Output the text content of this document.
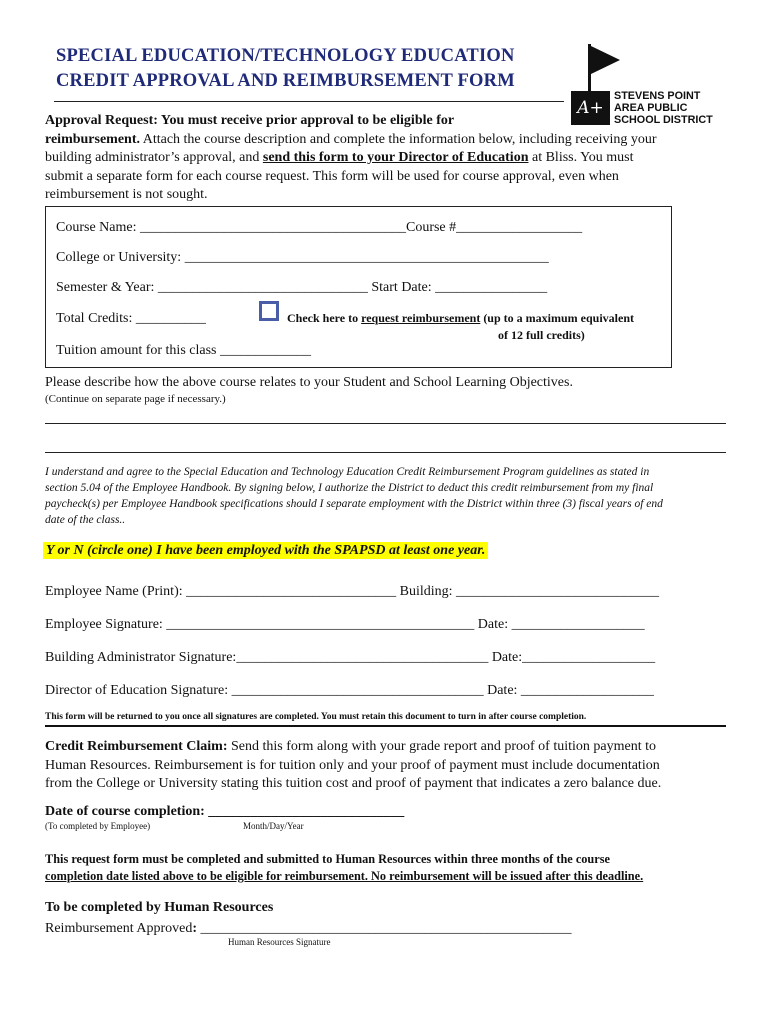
SPECIAL EDUCATION/TECHNOLOGY EDUCATION
CREDIT APPROVAL AND REIMBURSEMENT FORM
A+
STEVENS POINT
AREA PUBLIC
SCHOOL DISTRICT
Approval Request: You must receive prior approval to be eligible for
reimbursement. Attach the course description and complete the information below, including receiving your
building administrator’s approval, and send this form to your Director of Education at Bliss. You must
submit a separate form for each course request. This form will be used for course approval, even when
reimbursement is not sought.
Course Name: ______________________________________Course #__________________
College or University: ____________________________________________________
Semester & Year: ______________________________ Start Date: ________________
Total Credits: __________	Check here to request reimbursement (up to a maximum equivalent
of 12 full credits)
Tuition amount for this class _____________
Please describe how the above course relates to your Student and School Learning Objectives.
(Continue on separate page if necessary.)
I understand and agree to the Special Education and Technology Education Credit Reimbursement Program guidelines as stated in
section 5.04 of the Employee Handbook. By signing below, I authorize the District to deduct this credit reimbursement from my final
paycheck(s) per Employee Handbook specifications should I separate employment with the District within three (3) fiscal years of end
date of the class..
Y or N (circle one) I have been employed with the SPAPSD at least one year.
Employee Name (Print): ______________________________ Building: _____________________________
Employee Signature: ____________________________________________ Date: ___________________
Building Administrator Signature:____________________________________ Date:___________________
Director of Education Signature: ____________________________________ Date: ___________________
This form will be returned to you once all signatures are completed. You must retain this document to turn in after course completion.
Credit Reimbursement Claim: Send this form along with your grade report and proof of tuition payment to
Human Resources. Reimbursement is for tuition only and your proof of payment must include documentation
from the College or University stating this tuition cost and proof of payment that indicates a zero balance due.
Date of course completion: ____________________________
(To completed by Employee)	Month/Day/Year
This request form must be completed and submitted to Human Resources within three months of the course
completion date listed above to be eligible for reimbursement. No reimbursement will be issued after this deadline.
To be completed by Human Resources
Reimbursement Approved: _____________________________________________________
Human Resources Signature
